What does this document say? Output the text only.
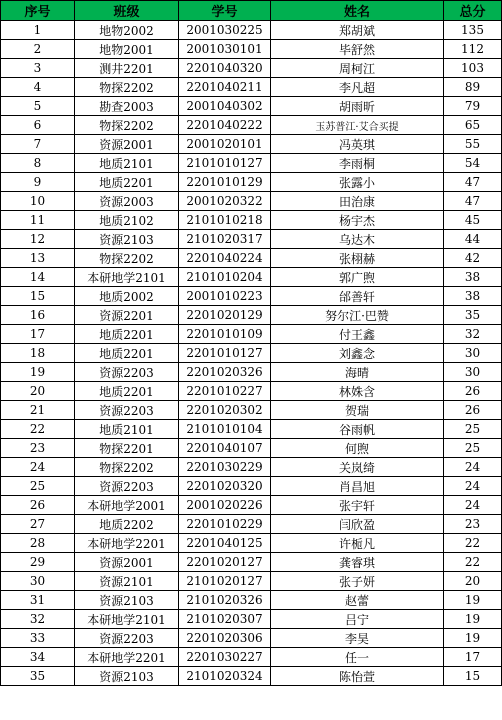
序号	班级	学号	姓名	总分
1	地物2002	2001030225	郑胡斌	135
2	地物2001	2001030101	毕舒然	112
3	测井2201	2201040320	周柯江	103
4	物探2202	2201040211	李凡超	89
5	勘查2003	2001040302	胡雨昕	79
6	物探2202	2201040222	玉苏普江·艾合买提	65
7	资源2001	2001020101	冯英琪	55
8	地质2101	2101010127	李雨桐	54
9	地质2201	2201010129	张露小	47
10	资源2003	2001020322	田治康	47
11	地质2102	2101010218	杨宇杰	45
12	资源2103	2101020317	乌达木	44
13	物探2202	2201040224	张栩赫	42
14	本研地学2101	2101010204	郭广煦	38
15	地质2002	2001010223	邰善轩	38
16	资源2201	2201020129	努尔江·巴赞	35
17	地质2201	2201010109	付王鑫	32
18	地质2201	2201010127	刘鑫念	30
19	资源2203	2201020326	海晴	30
20	地质2201	2201010227	林姝含	26
21	资源2203	2201020302	贺瑞	26
22	地质2101	2101010104	谷雨帆	25
23	物探2201	2201040107	何煦	25
24	物探2202	2201030229	关岚绮	24
25	资源2203	2201020320	肖昌旭	24
26	本研地学2001	2001020226	张宇轩	24
27	地质2202	2201010229	闫欣盈	23
28	本研地学2201	2201040125	许栀凡	22
29	资源2001	2201020127	龚睿琪	22
30	资源2101	2101020127	张子妍	20
31	资源2103	2101020326	赵蕾	19
32	本研地学2101	2101020307	吕宁	19
33	资源2203	2201020306	李昊	19
34	本研地学2201	2201030227	任一	17
35	资源2103	2101020324	陈怡萱	15
